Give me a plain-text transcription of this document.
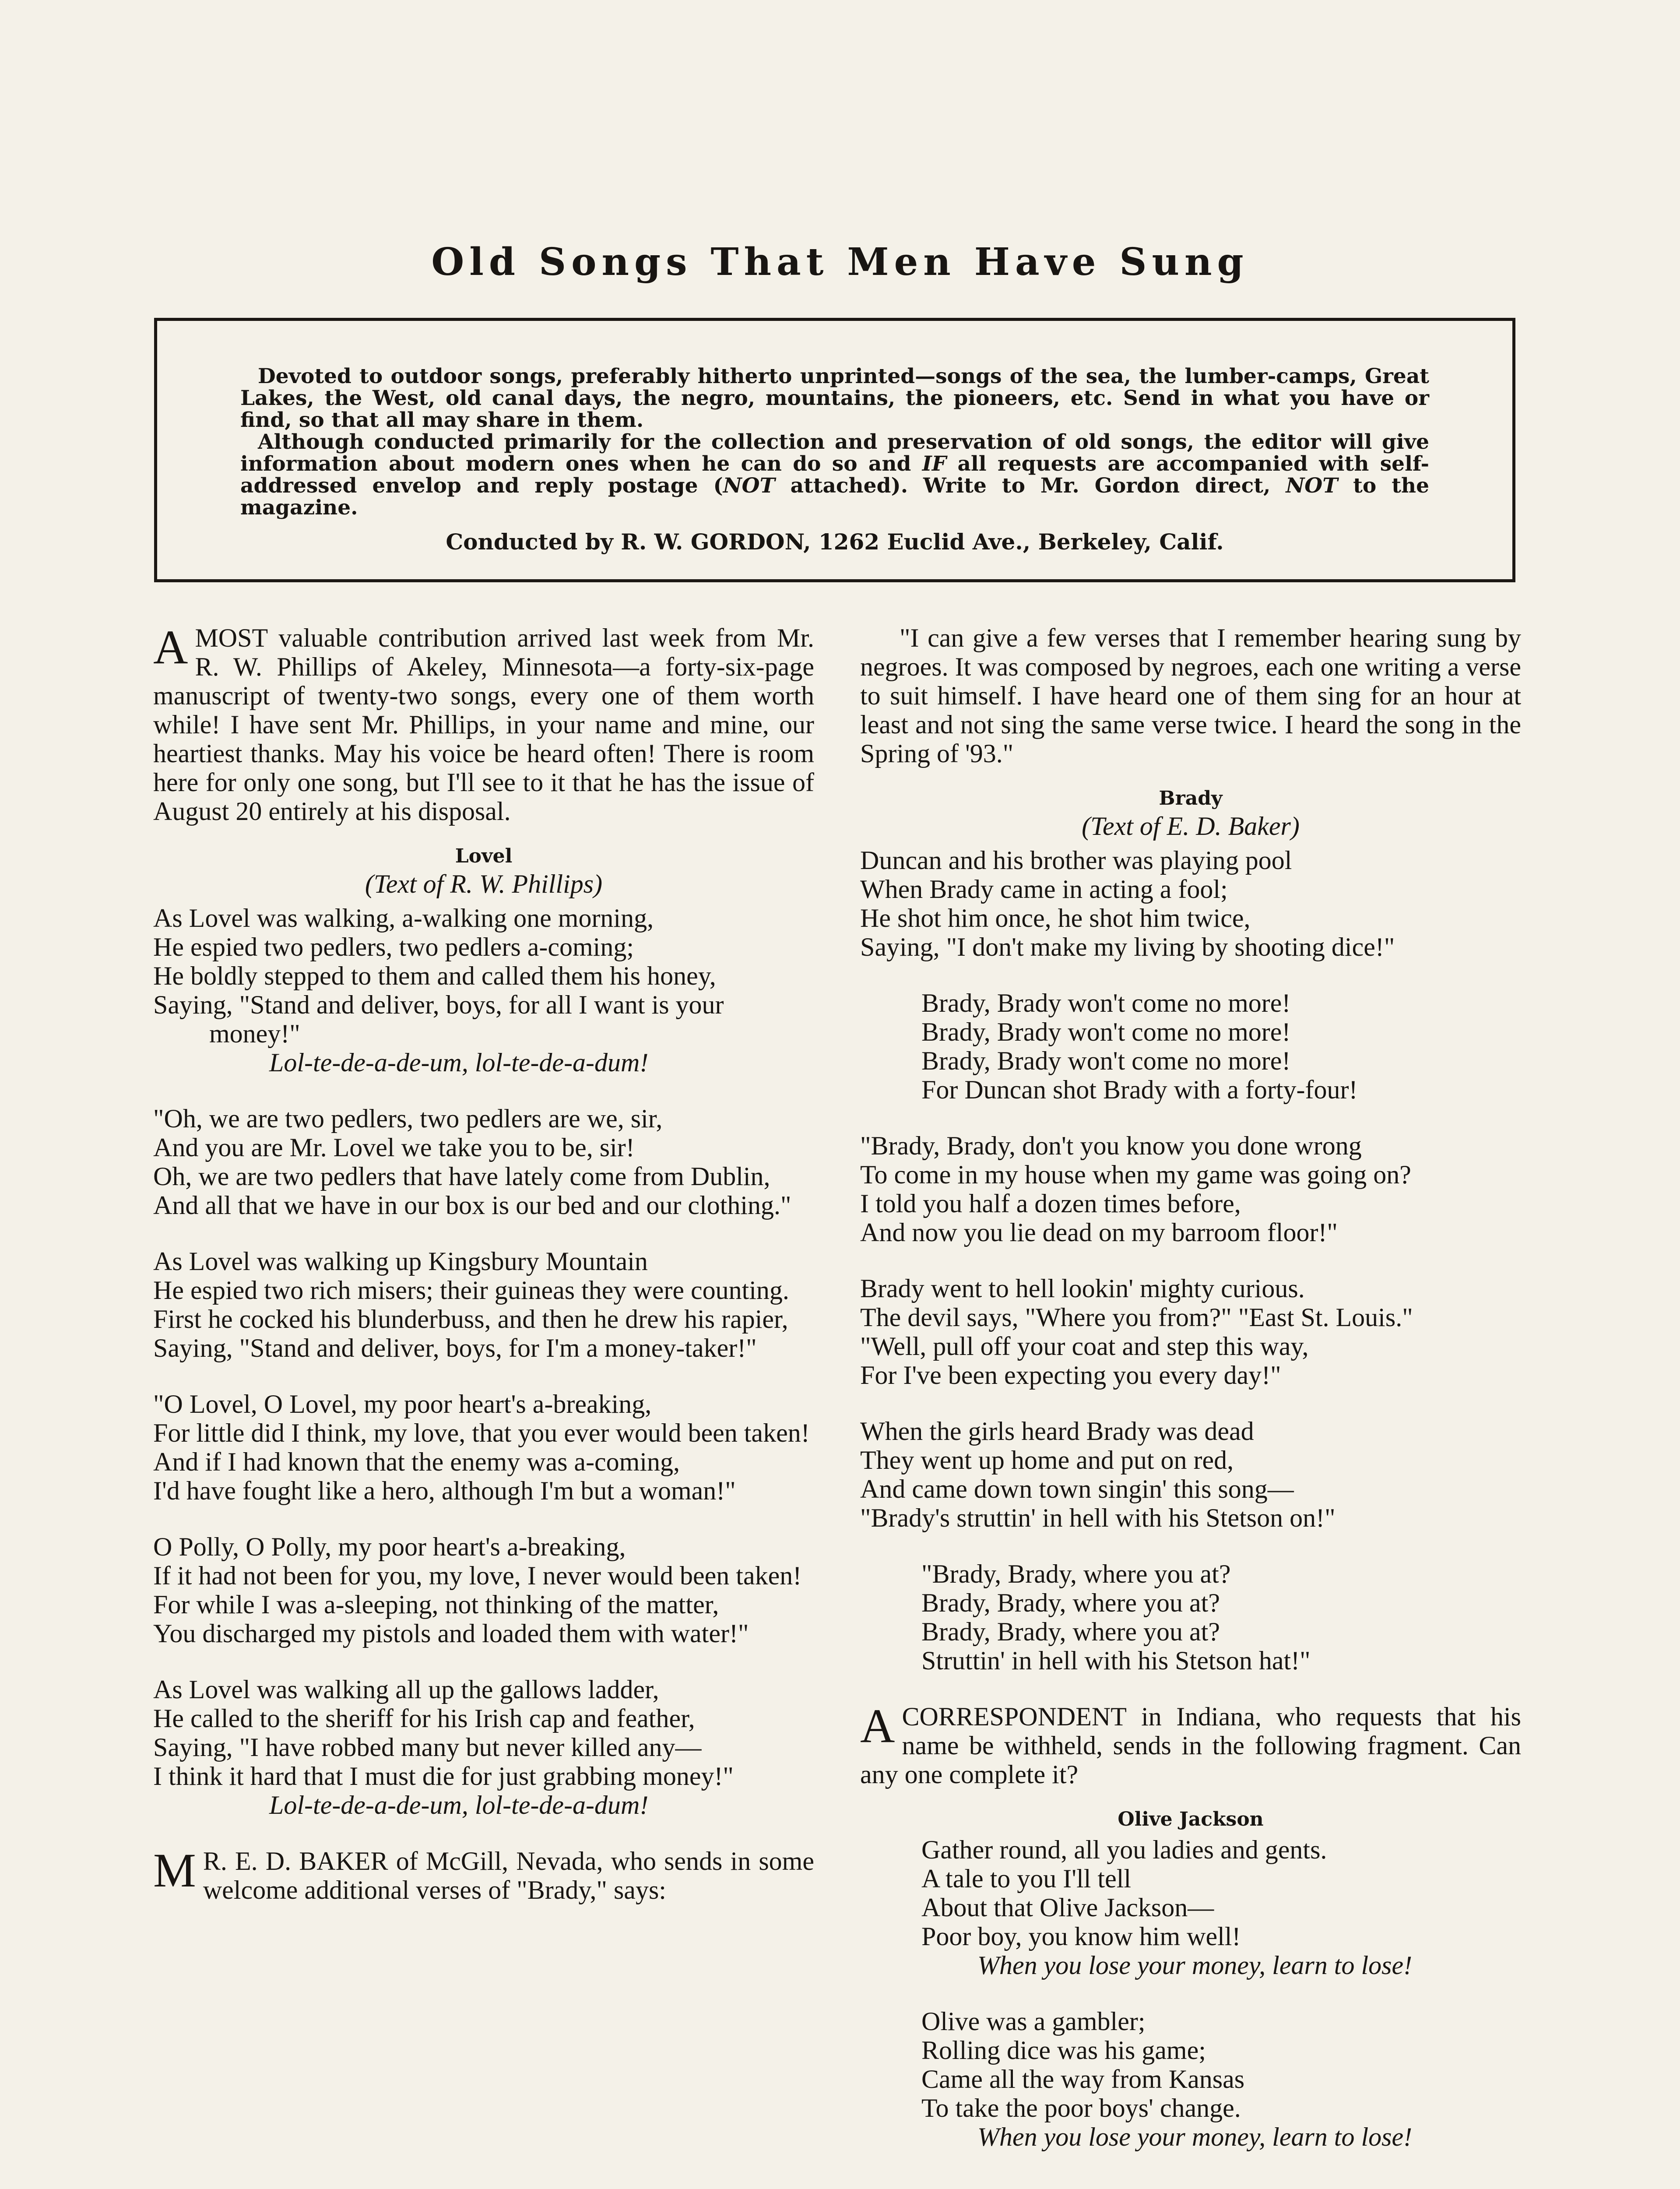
Old Songs That Men Have Sung

Devoted to outdoor songs, preferably hitherto unprinted—songs of the sea, the lumber-camps, Great Lakes, the West, old canal days, the negro, mountains, the pioneers, etc. Send in what you have or find, so that all may share in them.

Although conducted primarily for the collection and preservation of old songs, the editor will give information about modern ones when he can do so and IF all requests are accompanied with self-addressed envelop and reply postage (NOT attached). Write to Mr. Gordon direct, NOT to the magazine.

Conducted by R. W. GORDON, 1262 Euclid Ave., Berkeley, Calif.

AMOST valuable contribution arrived last week from Mr. R. W. Phillips of Akeley, Minnesota—a forty-six-page manuscript of twenty-two songs, every one of them worth while! I have sent Mr. Phillips, in your name and mine, our heartiest thanks. May his voice be heard often! There is room here for only one song, but I'll see to it that he has the issue of August 20 entirely at his disposal.

Lovel
(Text of R. W. Phillips)
As Lovel was walking, a-walking one morning,
He espied two pedlers, two pedlers a-coming;
He boldly stepped to them and called them his honey,
Saying, "Stand and deliver, boys, for all I want is your money!"
Lol-te-de-a-de-um, lol-te-de-a-dum!
"Oh, we are two pedlers, two pedlers are we, sir,
And you are Mr. Lovel we take you to be, sir!
Oh, we are two pedlers that have lately come from Dublin,
And all that we have in our box is our bed and our clothing."
As Lovel was walking up Kingsbury Mountain
He espied two rich misers; their guineas they were counting.
First he cocked his blunderbuss, and then he drew his rapier,
Saying, "Stand and deliver, boys, for I'm a money-taker!"
"O Lovel, O Lovel, my poor heart's a-breaking,
For little did I think, my love, that you ever would been taken!
And if I had known that the enemy was a-coming,
I'd have fought like a hero, although I'm but a woman!"
O Polly, O Polly, my poor heart's a-breaking,
If it had not been for you, my love, I never would been taken!
For while I was a-sleeping, not thinking of the matter,
You discharged my pistols and loaded them with water!"
As Lovel was walking all up the gallows ladder,
He called to the sheriff for his Irish cap and feather,
Saying, "I have robbed many but never killed any—
I think it hard that I must die for just grabbing money!"
Lol-te-de-a-de-um, lol-te-de-a-dum!

M R. E. D. BAKER of McGill, Nevada, who sends in some welcome additional verses of "Brady," says:

"I can give a few verses that I remember hearing sung by negroes. It was composed by negroes, each one writing a verse to suit himself. I have heard one of them sing for an hour at least and not sing the same verse twice. I heard the song in the Spring of '93."

Brady
(Text of E. D. Baker)
Duncan and his brother was playing pool
When Brady came in acting a fool;
He shot him once, he shot him twice,
Saying, "I don't make my living by shooting dice!"
Brady, Brady won't come no more!
Brady, Brady won't come no more!
Brady, Brady won't come no more!
For Duncan shot Brady with a forty-four!
"Brady, Brady, don't you know you done wrong
To come in my house when my game was going on?
I told you half a dozen times before,
And now you lie dead on my barroom floor!"
Brady went to hell lookin' mighty curious.
The devil says, "Where you from?" "East St. Louis."
"Well, pull off your coat and step this way,
For I've been expecting you every day!"
When the girls heard Brady was dead
They went up home and put on red,
And came down town singin' this song—
"Brady's struttin' in hell with his Stetson on!"
"Brady, Brady, where you at?
Brady, Brady, where you at?
Brady, Brady, where you at?
Struttin' in hell with his Stetson hat!"

ACORRESPONDENT in Indiana, who requests that his name be withheld, sends in the following fragment. Can any one complete it?

Olive Jackson
Gather round, all you ladies and gents.
A tale to you I'll tell
About that Olive Jackson—
Poor boy, you know him well!
When you lose your money, learn to lose!
Olive was a gambler;
Rolling dice was his game;
Came all the way from Kansas
To take the poor boys' change.
When you lose your money, learn to lose!
